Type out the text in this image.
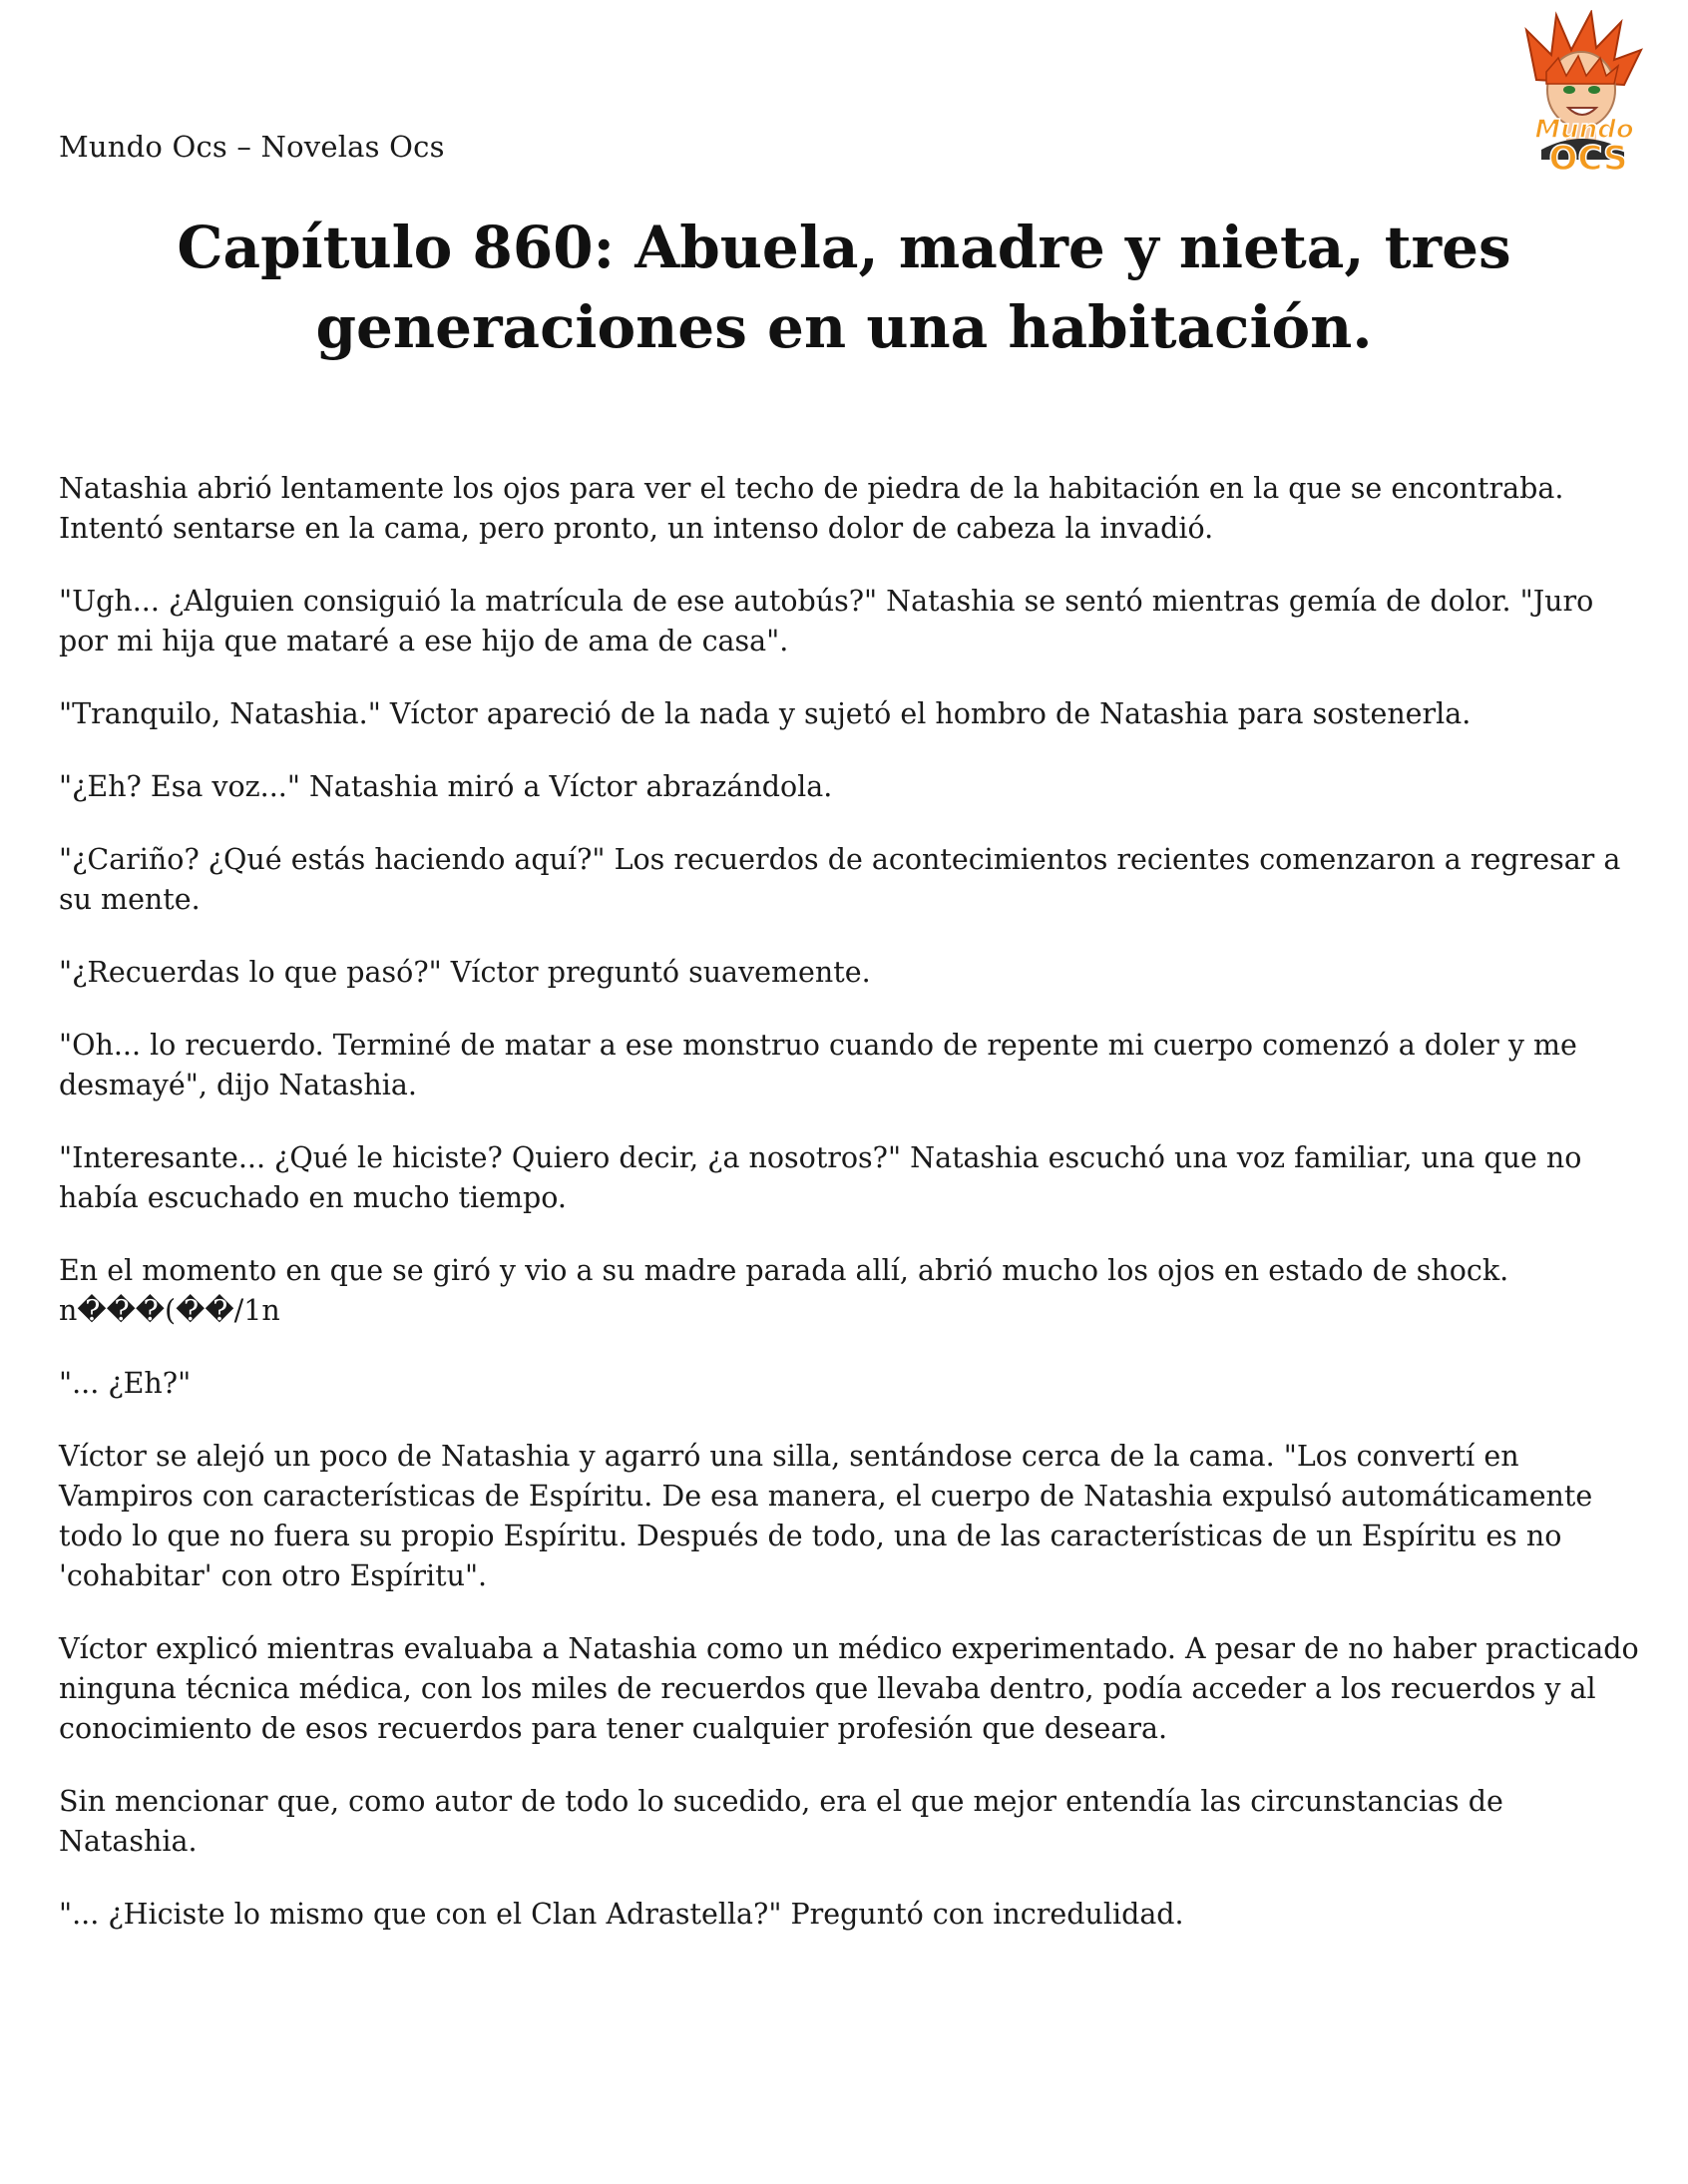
Mundo Ocs – Novelas Ocs	Mundo
OCS
Capítulo 860: Abuela, madre y nieta, tres
generaciones en una habitación.

Natashia abrió lentamente los ojos para ver el techo de piedra de la habitación en la que se encontraba. Intentó sentarse en la cama, pero pronto, un intenso dolor de cabeza la invadió.

"Ugh... ¿Alguien consiguió la matrícula de ese autobús?" Natashia se sentó mientras gemía de dolor. "Juro por mi hija que mataré a ese hijo de ama de casa".

"Tranquilo, Natashia." Víctor apareció de la nada y sujetó el hombro de Natashia para sostenerla.

"¿Eh? Esa voz..." Natashia miró a Víctor abrazándola.

"¿Cariño? ¿Qué estás haciendo aquí?" Los recuerdos de acontecimientos recientes comenzaron a regresar a su mente.

"¿Recuerdas lo que pasó?" Víctor preguntó suavemente.

"Oh... lo recuerdo. Terminé de matar a ese monstruo cuando de repente mi cuerpo comenzó a doler y me desmayé", dijo Natashia.

"Interesante... ¿Qué le hiciste? Quiero decir, ¿a nosotros?" Natashia escuchó una voz familiar, una que no había escuchado en mucho tiempo.

En el momento en que se giró y vio a su madre parada allí, abrió mucho los ojos en estado de shock. n���(��/1n

"... ¿Eh?"

Víctor se alejó un poco de Natashia y agarró una silla, sentándose cerca de la cama. "Los convertí en Vampiros con características de Espíritu. De esa manera, el cuerpo de Natashia expulsó automáticamente todo lo que no fuera su propio Espíritu. Después de todo, una de las características de un Espíritu es no 'cohabitar' con otro Espíritu".

Víctor explicó mientras evaluaba a Natashia como un médico experimentado. A pesar de no haber practicado ninguna técnica médica, con los miles de recuerdos que llevaba dentro, podía acceder a los recuerdos y al conocimiento de esos recuerdos para tener cualquier profesión que deseara.

Sin mencionar que, como autor de todo lo sucedido, era el que mejor entendía las circunstancias de Natashia.

"... ¿Hiciste lo mismo que con el Clan Adrastella?" Preguntó con incredulidad.
